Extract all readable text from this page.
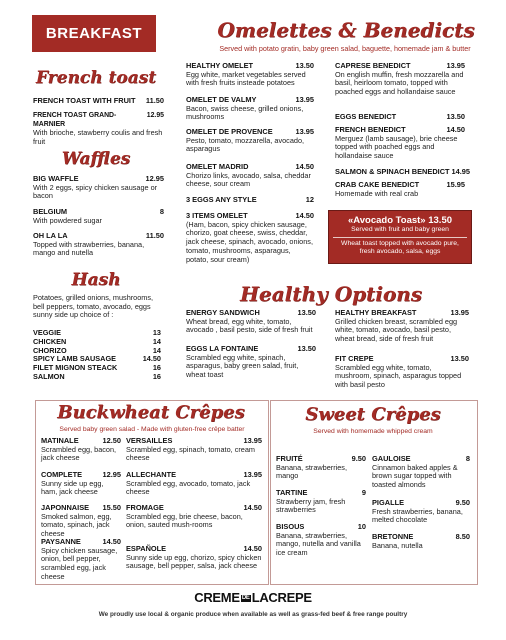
BREAKFAST	Omelettes & Benedicts
Served with potato gratin, baby green salad, baguette, homemade jam & butter
HEALTHY OMELET	13.50
Egg white, market vegetables served with fresh fruits insteade potatoes
OMELET DE VALMY	13.95
Bacon, swiss cheese, grilled onions, mushrooms
OMELET DE PROVENCE	13.95
Pesto, tomato, mozzarella, avocado, asparagus
OMELET MADRID	14.50
Chorizo links, avocado, salsa, cheddar cheese, sour cream
3 EGGS ANY STYLE	12
3 ITEMS OMELET	14.50
(Ham, bacon, spicy chicken sausage, chorizo, goat cheese, swiss, cheddar, jack cheese, spinach, avocado, onions, tomato, mushrooms, asparagus, potato, sour cream)
CAPRESE BENEDICT	13.95
On english muffin, fresh mozzarella and basil, heirloom tomato, topped with poached eggs and hollandaise sauce
EGGS BENEDICT	13.50
FRENCH BENEDICT	14.50
Merguez (lamb sausage), brie cheese topped with poached eggs and hollandaise sauce
SALMON & SPINACH BENEDICT 14.95
CRAB CAKE BENEDICT	15.95
Homemade with real crab
«Avocado Toast» 13.50
Served with fruit and baby green
Wheat toast topped with avocado pure, fresh avocado, salsa, eggs
French toast
FRENCH TOAST WITH FRUIT 11.50
FRENCH TOAST GRAND-MARNIER
12.95
With brioche, stawberry coulis and fresh fruit
Waffles
BIG WAFFLE	12.95
With 2 eggs, spicy chicken sausage or bacon
BELGIUM	8
With powdered sugar
OH LA LA	11.50
Topped with strawberries, banana, mango and nutella
Hash
Potatoes, grilled onions, mushrooms, bell peppers, tomato, avocado, eggs sunny side up choice of :
VEGGIE	13
CHICKEN	14
CHORIZO	14
SPICY LAMB SAUSAGE	14.50
FILET MIGNON STEACK	16
SALMON	16
Healthy Options
ENERGY SANDWICH	13.50
Wheat bread, egg white, tomato, avocado , basil pesto, side of fresh fruit
EGGS LA FONTAINE	13.50
Scrambled egg white, spinach, asparagus, baby green salad, fruit, wheat toast
HEALTHY BREAKFAST	13.95
Grilled chicken breast, scrambled egg white, tomato, avocado, basil pesto, wheat bread, side of fresh fruit
FIT CREPE	13.50
Scrambled egg white, tomato, mushroom, spinach, asparagus topped with basil pesto
Buckwheat Crêpes
Served baby green salad - Made with gluten-free crêpe batter
MATINALE	12.50
Scrambled egg, bacon, jack cheese
COMPLETE	12.95
Sunny side up egg, ham, jack cheese
JAPONNAISE 15.50
Smoked salmon, egg, tomato, spinach, jack cheese
PAYSANNE	14.50
Spicy chicken sausage, onion, bell pepper, scrambled egg, jack cheese
VERSAILLES	13.95
Scrambled egg, spinach, tomato, cream cheese
ALLECHANTE	13.95
Scrambled egg, avocado, tomato, jack cheese
FROMAGE	14.50
Scrambled egg, brie cheese, bacon, onion, sauted mush-rooms
ESPAÑOLE	14.50
Sunny side up egg, chorizo, spicy chicken sausage, bell pepper, salsa, jack cheese
Sweet Crêpes
Served with homemade whipped cream
FRUITÉ	9.50
Banana, strawberries, mango
TARTINE	9
Strawberry jam, fresh strawberries
BISOUS	10
Banana, strawberries, mango, nutella and vanilla ice cream
GAULOISE	8
Cinnamon baked apples & brown sugar topped with toasted almonds
PIGALLE	9.50
Fresh strawberries, banana, melted chocolate
BRETONNE	8.50
Banana, nutella
CREME DE LACREPE
We proudly use local & organic produce when available as well as grass-fed beef & free range poultry
